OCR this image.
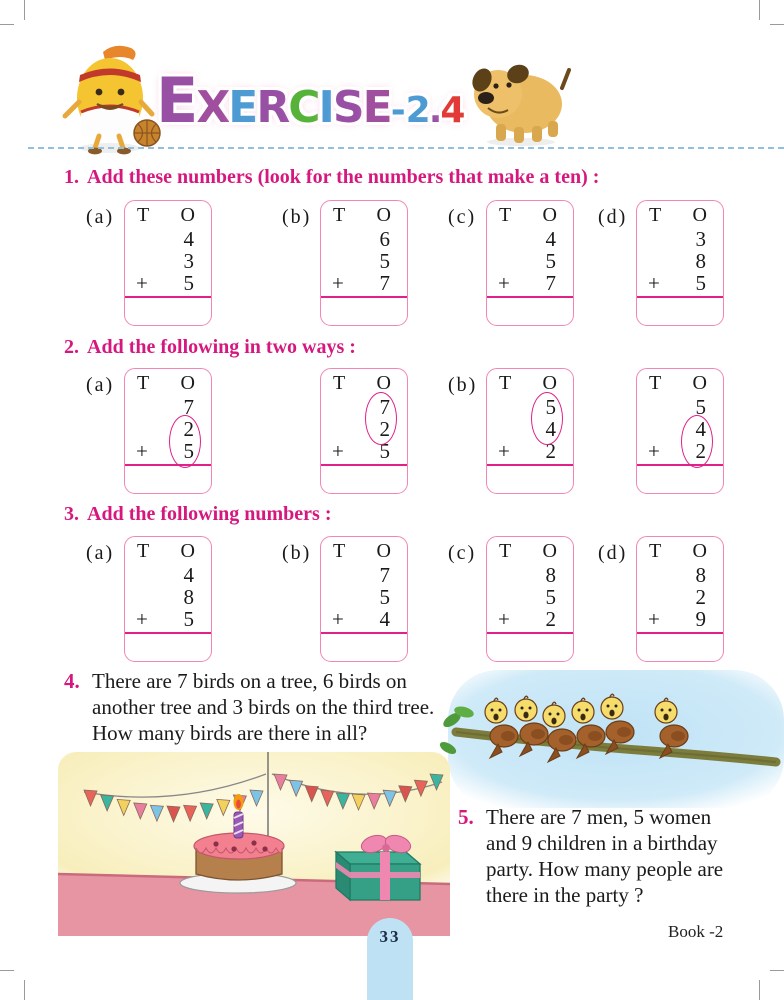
EXERCISE-2.4
1. Add these numbers (look for the numbers that make a ten) :
(a) T O
4
3
+ 5
(b) T O
6
5
+ 7
(c) T O
4
5
+ 7
(d) T O
3
8
+ 5
2. Add the following in two ways :
(a) T O
7
2
+ 5
T O
7
2
+ 5
(b) T O
5
4
+ 2
T O
5
4
+ 2
3. Add the following numbers :
(a) T O
4
8
+ 5
(b) T O
7
5
+ 4
(c) T O
8
5
+ 2
(d) T O
8
2
+ 9
4. There are 7 birds on a tree, 6 birds on another tree and 3 birds on the third tree. How many birds are there in all?
5. There are 7 men, 5 women and 9 children in a birthday party. How many people are there in the party ?
Book -2
33
